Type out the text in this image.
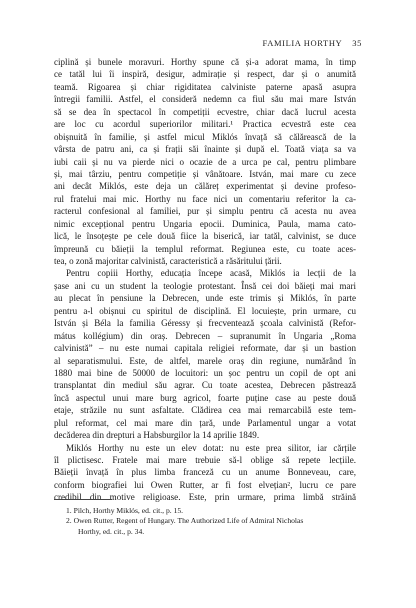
FAMILIA HORTHY 35
ciplină și bunele moravuri. Horthy spune că și-a adorat mama, în timp
ce tatăl lui îi inspiră, desigur, admirație și respect, dar și o anumită
teamă. Rigoarea și chiar rigiditatea calviniste paterne apasă asupra
întregii familii. Astfel, el consideră nedemn ca fiul său mai mare István
să se dea în spectacol în competiții ecvestre, chiar dacă lucrul acesta
are loc cu acordul superiorilor militari.¹ Practica ecvestră este cea
obișnuită în familie, și astfel micul Miklós învață să călărească de la
vârsta de patru ani, ca și frații săi înainte și după el. Toată viața sa va
iubi caii și nu va pierde nici o ocazie de a urca pe cal, pentru plimbare
și, mai târziu, pentru competiție și vânătoare. István, mai mare cu zece
ani decât Miklós, este deja un călăreț experimentat și devine profeso-
rul fratelui mai mic. Horthy nu face nici un comentariu referitor la ca-
racterul confesional al familiei, pur și simplu pentru că acesta nu avea
nimic excepțional pentru Ungaria epocii. Duminica, Paula, mama cato-
lică, le însoțește pe cele două fiice la biserică, iar tatăl, calvinist, se duce
împreună cu băieții la templul reformat. Regiunea este, cu toate aces-
tea, o zonă majoritar calvinistă, caracteristică a răsăritului țării.
Pentru copiii Horthy, educația începe acasă, Miklós ia lecții de la
șase ani cu un student la teologie protestant. Însă cei doi băieți mai mari
au plecat în pensiune la Debrecen, unde este trimis și Miklós, în parte
pentru a-l obișnui cu spiritul de disciplină. El locuiește, prin urmare, cu
István și Béla la familia Géressy și frecventează școala calvinistă (Refor-
mátus kollégium) din oraș. Debrecen – supranumit în Ungaria „Roma
calvinistă” – nu este numai capitala religiei reformate, dar și un bastion
al separatismului. Este, de altfel, marele oraș din regiune, numărând în
1880 mai bine de 50000 de locuitori: un șoc pentru un copil de opt ani
transplantat din mediul său agrar. Cu toate acestea, Debrecen păstrează
încă aspectul unui mare burg agricol, foarte puține case au peste două
etaje, străzile nu sunt asfaltate. Clădirea cea mai remarcabilă este tem-
plul reformat, cel mai mare din țară, unde Parlamentul ungar a votat
decăderea din drepturi a Habsburgilor la 14 aprilie 1849.
Miklós Horthy nu este un elev dotat: nu este prea silitor, iar cărțile
îl plictisesc. Fratele mai mare trebuie să-l oblige să repete lecțiile.
Băieții învață în plus limba franceză cu un anume Bonneveau, care,
conform biografiei lui Owen Rutter, ar fi fost elvețian², lucru ce pare
credibil din motive religioase. Este, prin urmare, prima limbă străină
1. Pilch, Horthy Miklós, ed. cit., p. 15.
2. Owen Rutter, Regent of Hungary. The Authorized Life of Admiral Nicholas
Horthy, ed. cit., p. 34.
